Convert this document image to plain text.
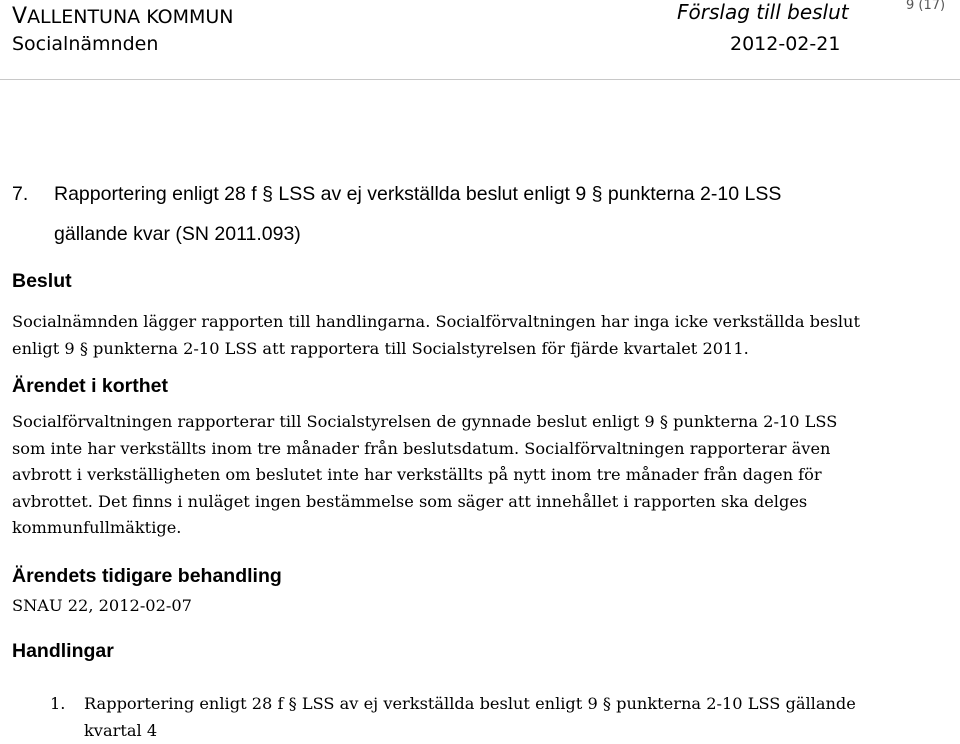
VALLENTUNA KOMMUN
Socialnämnden
Förslag till beslut	9 (17)
2012-02-21
7. Rapportering enligt 28 f § LSS av ej verkställda beslut enligt 9 § punkterna 2-10 LSS
gällande kvar (SN 2011.093)
Beslut
Socialnämnden lägger rapporten till handlingarna. Socialförvaltningen har inga icke verkställda beslut
enligt 9 § punkterna 2-10 LSS att rapportera till Socialstyrelsen för fjärde kvartalet 2011.
Ärendet i korthet
Socialförvaltningen rapporterar till Socialstyrelsen de gynnade beslut enligt 9 § punkterna 2-10 LSS
som inte har verkställts inom tre månader från beslutsdatum. Socialförvaltningen rapporterar även
avbrott i verkställigheten om beslutet inte har verkställts på nytt inom tre månader från dagen för
avbrottet. Det finns i nuläget ingen bestämmelse som säger att innehållet i rapporten ska delges
kommunfullmäktige.
Ärendets tidigare behandling
SNAU 22, 2012-02-07
Handlingar
1. Rapportering enligt 28 f § LSS av ej verkställda beslut enligt 9 § punkterna 2-10 LSS gällande
kvartal 4
